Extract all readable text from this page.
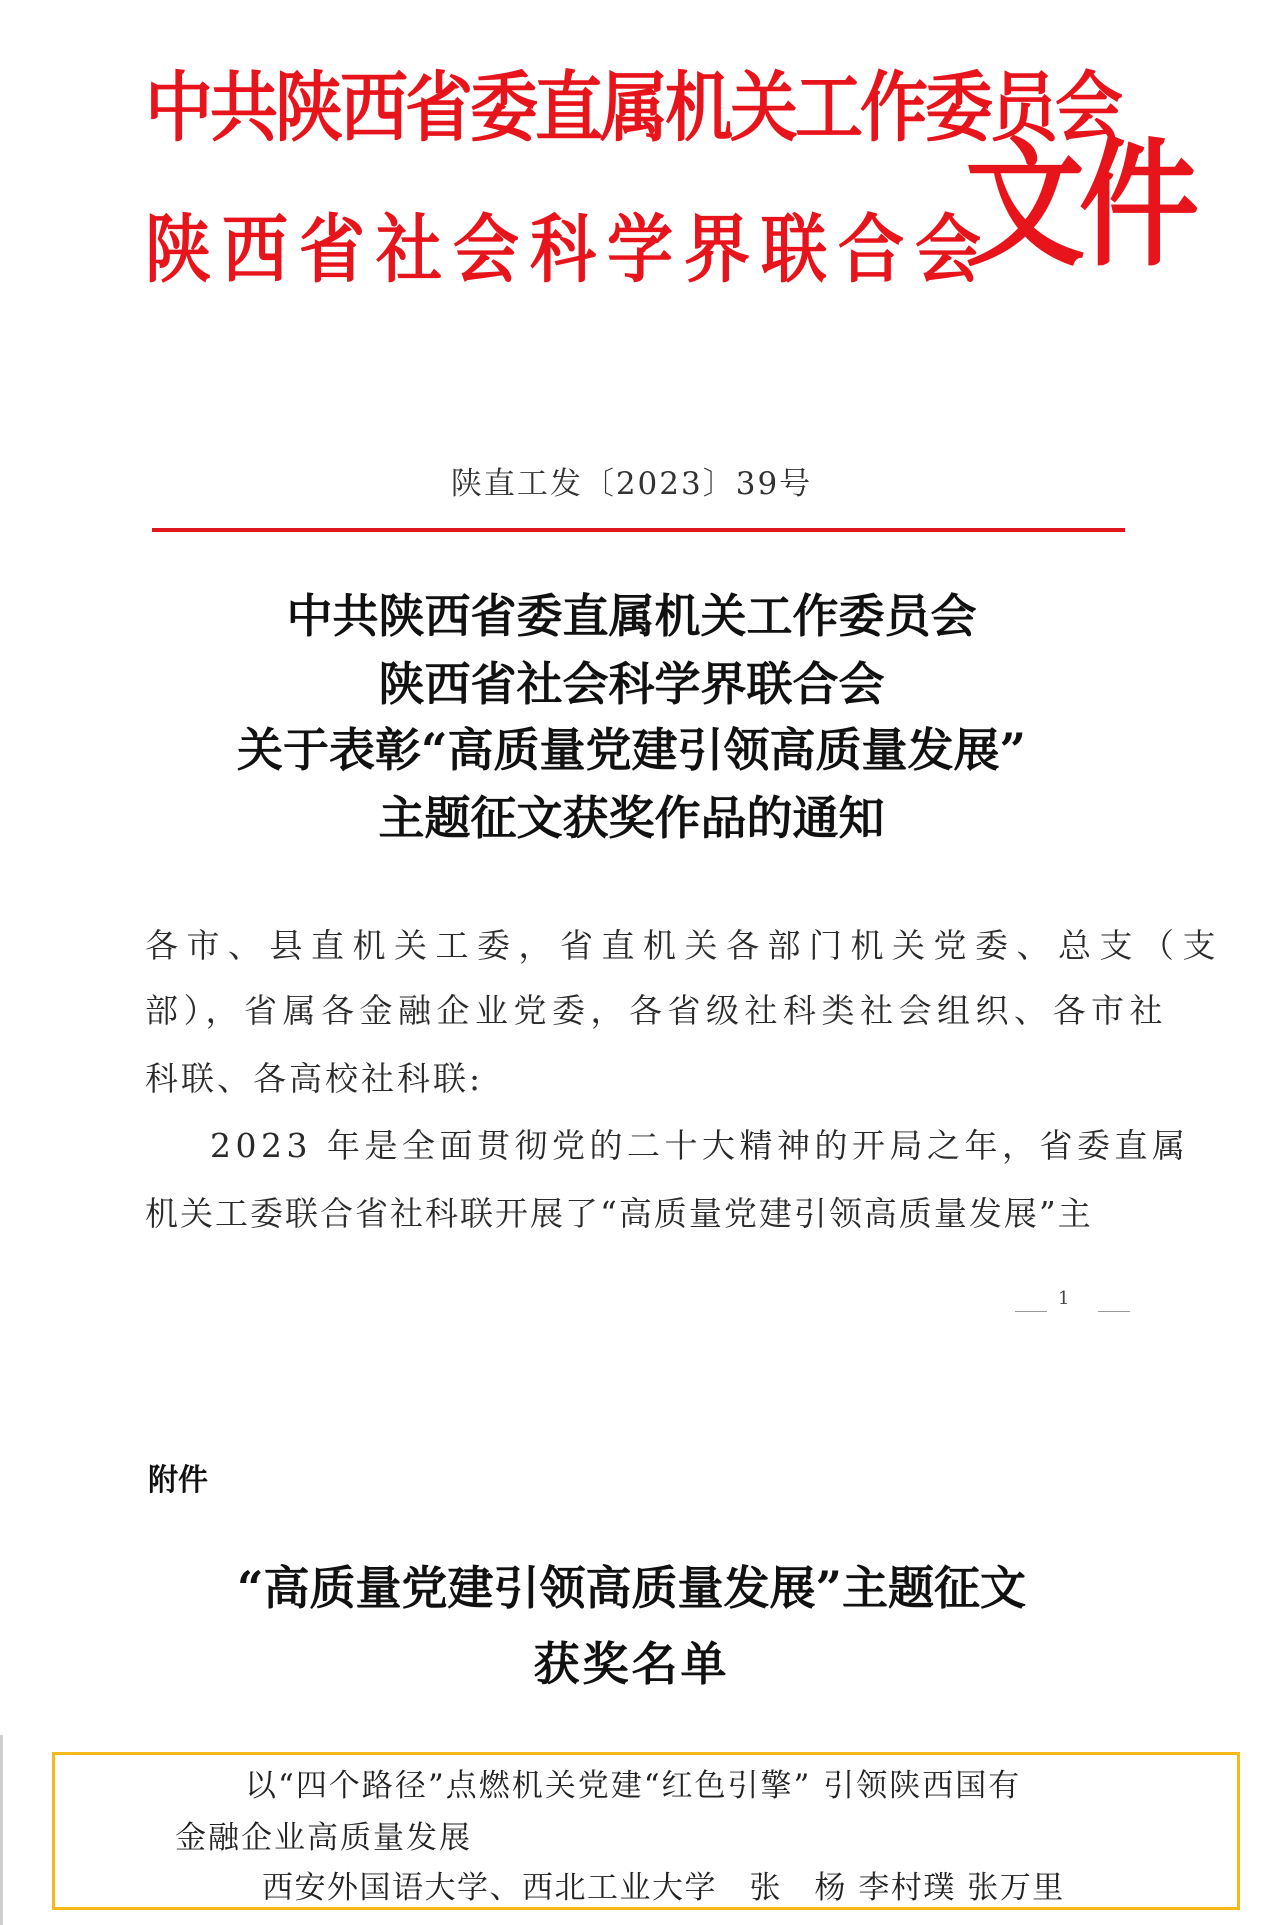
中共陕西省委直属机关工作委员会
陕西省社会科学界联合会
文件
陕直工发〔2023〕39号
中共陕西省委直属机关工作委员会
陕西省社会科学界联合会
关于表彰“高质量党建引领高质量发展”
主题征文获奖作品的通知
各市、县直机关工委，省直机关各部门机关党委、总支（支
部），省属各金融企业党委，各省级社科类社会组织、各市社
科联、各高校社科联:
2023 年是全面贯彻党的二十大精神的开局之年，省委直属
机关工委联合省社科联开展了“高质量党建引领高质量发展”主
1
附件
“高质量党建引领高质量发展”主题征文
获奖名单
以“四个路径”点燃机关党建“红色引擎” 引领陕西国有
金融企业高质量发展
西安外国语大学、西北工业大学　张　杨 李村璞 张万里
